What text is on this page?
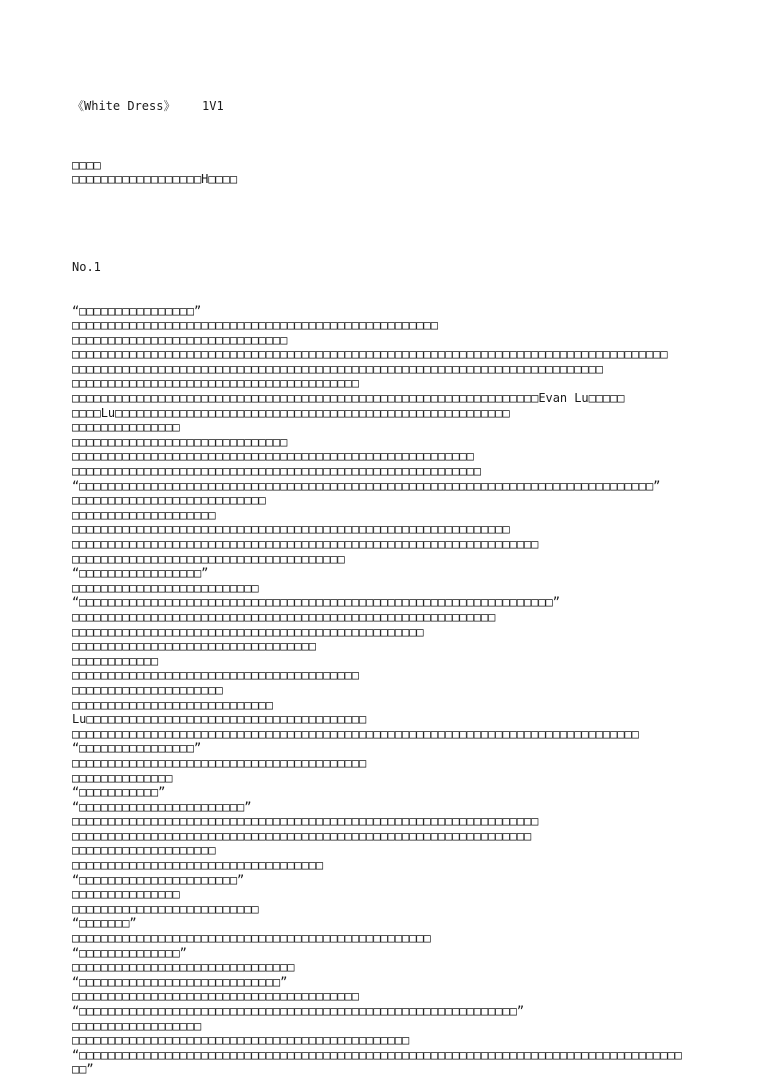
《White Dress》 1V1

□□□□
□□□□□□□□□□□□□□□□□□H□□□□

No.1

“□□□□□□□□□□□□□□□□”
□□□□□□□□□□□□□□□□□□□□□□□□□□□□□□□□□□□□□□□□□□□□□□□□□□□
□□□□□□□□□□□□□□□□□□□□□□□□□□□□□□
□□□□□□□□□□□□□□□□□□□□□□□□□□□□□□□□□□□□□□□□□□□□□□□□□□□□□□□□□□□□□□□□□□□□□□□□□□□□□□□□□□□
□□□□□□□□□□□□□□□□□□□□□□□□□□□□□□□□□□□□□□□□□□□□□□□□□□□□□□□□□□□□□□□□□□□□□□□□□□
□□□□□□□□□□□□□□□□□□□□□□□□□□□□□□□□□□□□□□□□
□□□□□□□□□□□□□□□□□□□□□□□□□□□□□□□□□□□□□□□□□□□□□□□□□□□□□□□□□□□□□□□□□Evan Lu□□□□□
□□□□Lu□□□□□□□□□□□□□□□□□□□□□□□□□□□□□□□□□□□□□□□□□□□□□□□□□□□□□□□
□□□□□□□□□□□□□□□
□□□□□□□□□□□□□□□□□□□□□□□□□□□□□□
□□□□□□□□□□□□□□□□□□□□□□□□□□□□□□□□□□□□□□□□□□□□□□□□□□□□□□□□
□□□□□□□□□□□□□□□□□□□□□□□□□□□□□□□□□□□□□□□□□□□□□□□□□□□□□□□□□
“□□□□□□□□□□□□□□□□□□□□□□□□□□□□□□□□□□□□□□□□□□□□□□□□□□□□□□□□□□□□□□□□□□□□□□□□□□□□□□□□”
□□□□□□□□□□□□□□□□□□□□□□□□□□□
□□□□□□□□□□□□□□□□□□□□
□□□□□□□□□□□□□□□□□□□□□□□□□□□□□□□□□□□□□□□□□□□□□□□□□□□□□□□□□□□□□
□□□□□□□□□□□□□□□□□□□□□□□□□□□□□□□□□□□□□□□□□□□□□□□□□□□□□□□□□□□□□□□□□
□□□□□□□□□□□□□□□□□□□□□□□□□□□□□□□□□□□□□□
“□□□□□□□□□□□□□□□□□”
□□□□□□□□□□□□□□□□□□□□□□□□□□
“□□□□□□□□□□□□□□□□□□□□□□□□□□□□□□□□□□□□□□□□□□□□□□□□□□□□□□□□□□□□□□□□□□”
□□□□□□□□□□□□□□□□□□□□□□□□□□□□□□□□□□□□□□□□□□□□□□□□□□□□□□□□□□□
□□□□□□□□□□□□□□□□□□□□□□□□□□□□□□□□□□□□□□□□□□□□□□□□□
□□□□□□□□□□□□□□□□□□□□□□□□□□□□□□□□□□
□□□□□□□□□□□□
□□□□□□□□□□□□□□□□□□□□□□□□□□□□□□□□□□□□□□□□
□□□□□□□□□□□□□□□□□□□□□
□□□□□□□□□□□□□□□□□□□□□□□□□□□□
Lu□□□□□□□□□□□□□□□□□□□□□□□□□□□□□□□□□□□□□□□
□□□□□□□□□□□□□□□□□□□□□□□□□□□□□□□□□□□□□□□□□□□□□□□□□□□□□□□□□□□□□□□□□□□□□□□□□□□□□□□
“□□□□□□□□□□□□□□□□”
□□□□□□□□□□□□□□□□□□□□□□□□□□□□□□□□□□□□□□□□□
□□□□□□□□□□□□□□
“□□□□□□□□□□□”
“□□□□□□□□□□□□□□□□□□□□□□□”
□□□□□□□□□□□□□□□□□□□□□□□□□□□□□□□□□□□□□□□□□□□□□□□□□□□□□□□□□□□□□□□□□
□□□□□□□□□□□□□□□□□□□□□□□□□□□□□□□□□□□□□□□□□□□□□□□□□□□□□□□□□□□□□□□□
□□□□□□□□□□□□□□□□□□□□
□□□□□□□□□□□□□□□□□□□□□□□□□□□□□□□□□□□
“□□□□□□□□□□□□□□□□□□□□□□”
□□□□□□□□□□□□□□□
□□□□□□□□□□□□□□□□□□□□□□□□□□
“□□□□□□□”
□□□□□□□□□□□□□□□□□□□□□□□□□□□□□□□□□□□□□□□□□□□□□□□□□□
“□□□□□□□□□□□□□□”
□□□□□□□□□□□□□□□□□□□□□□□□□□□□□□□
“□□□□□□□□□□□□□□□□□□□□□□□□□□□□”
□□□□□□□□□□□□□□□□□□□□□□□□□□□□□□□□□□□□□□□□
“□□□□□□□□□□□□□□□□□□□□□□□□□□□□□□□□□□□□□□□□□□□□□□□□□□□□□□□□□□□□□”
□□□□□□□□□□□□□□□□□□
□□□□□□□□□□□□□□□□□□□□□□□□□□□□□□□□□□□□□□□□□□□□□□□
“□□□□□□□□□□□□□□□□□□□□□□□□□□□□□□□□□□□□□□□□□□□□□□□□□□□□□□□□□□□□□□□□□□□□□□□□□□□□□□□□□□□□
□□”
